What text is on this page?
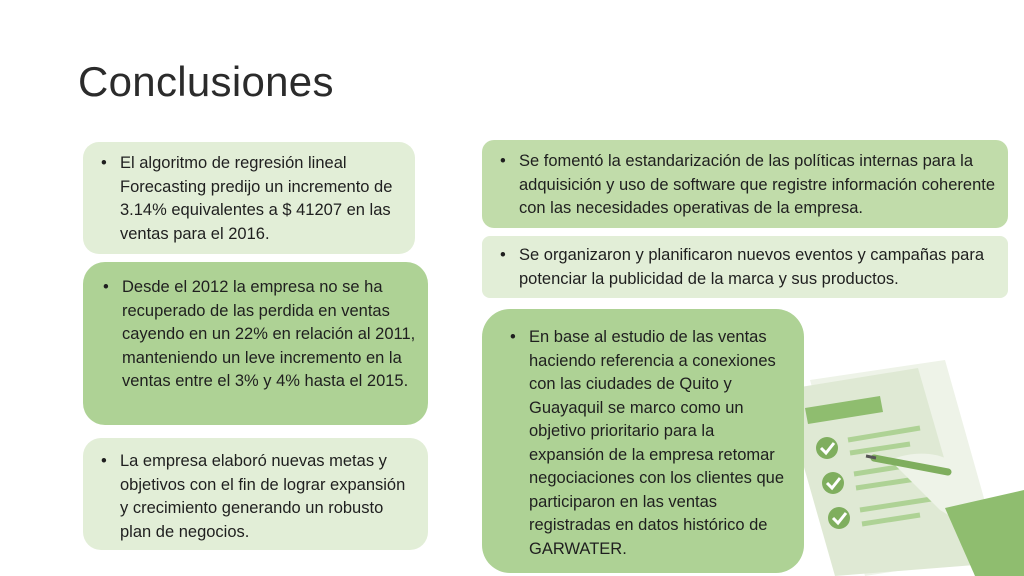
Conclusiones
• El algoritmo de regresión lineal Forecasting predijo un incremento de 3.14% equivalentes a $ 41207 en las ventas para el 2016.
• Desde el 2012 la empresa no se ha recuperado de las perdida en ventas cayendo en un 22% en relación al 2011, manteniendo un leve incremento en la ventas entre el 3% y 4% hasta el 2015.
• La empresa elaboró nuevas metas y objetivos con el fin de lograr expansión y crecimiento generando un robusto plan de negocios.
• Se fomentó la estandarización de las políticas internas para la adquisición y uso de software que registre información coherente con las necesidades operativas de la empresa.
• Se organizaron y planificaron nuevos eventos y campañas para potenciar la publicidad de la marca y sus productos.
• En base al estudio de las ventas haciendo referencia a conexiones con las ciudades de Quito y Guayaquil se marco como un objetivo prioritario para la expansión de la empresa retomar negociaciones con los clientes que participaron en las ventas registradas en datos histórico de GARWATER.
